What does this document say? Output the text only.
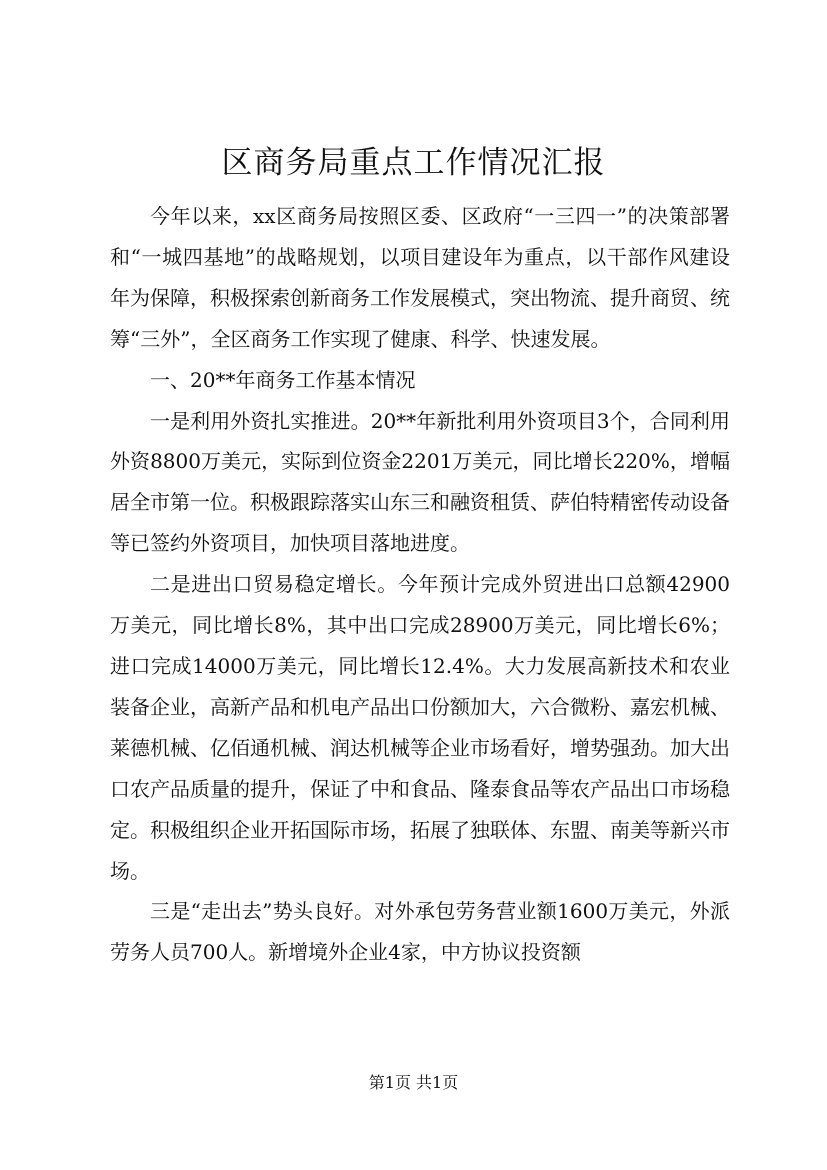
区商务局重点工作情况汇报

今年以来，xx区商务局按照区委、区政府“一三四一”的决策部署和“一城四基地”的战略规划，以项目建设年为重点，以干部作风建设年为保障，积极探索创新商务工作发展模式，突出物流、提升商贸、统筹“三外”，全区商务工作实现了健康、科学、快速发展。

一、20**年商务工作基本情况

一是利用外资扎实推进。20**年新批利用外资项目3个，合同利用外资8800万美元，实际到位资金2201万美元，同比增长220%，增幅居全市第一位。积极跟踪落实山东三和融资租赁、萨伯特精密传动设备等已签约外资项目，加快项目落地进度。

二是进出口贸易稳定增长。今年预计完成外贸进出口总额42900万美元，同比增长8%，其中出口完成28900万美元，同比增长6%；进口完成14000万美元，同比增长12.4%。大力发展高新技术和农业装备企业，高新产品和机电产品出口份额加大，六合微粉、嘉宏机械、莱德机械、亿佰通机械、润达机械等企业市场看好，增势强劲。加大出口农产品质量的提升，保证了中和食品、隆泰食品等农产品出口市场稳定。积极组织企业开拓国际市场，拓展了独联体、东盟、南美等新兴市场。

三是“走出去”势头良好。对外承包劳务营业额1600万美元，外派劳务人员700人。新增境外企业4家，中方协议投资额

第1页 共1页
